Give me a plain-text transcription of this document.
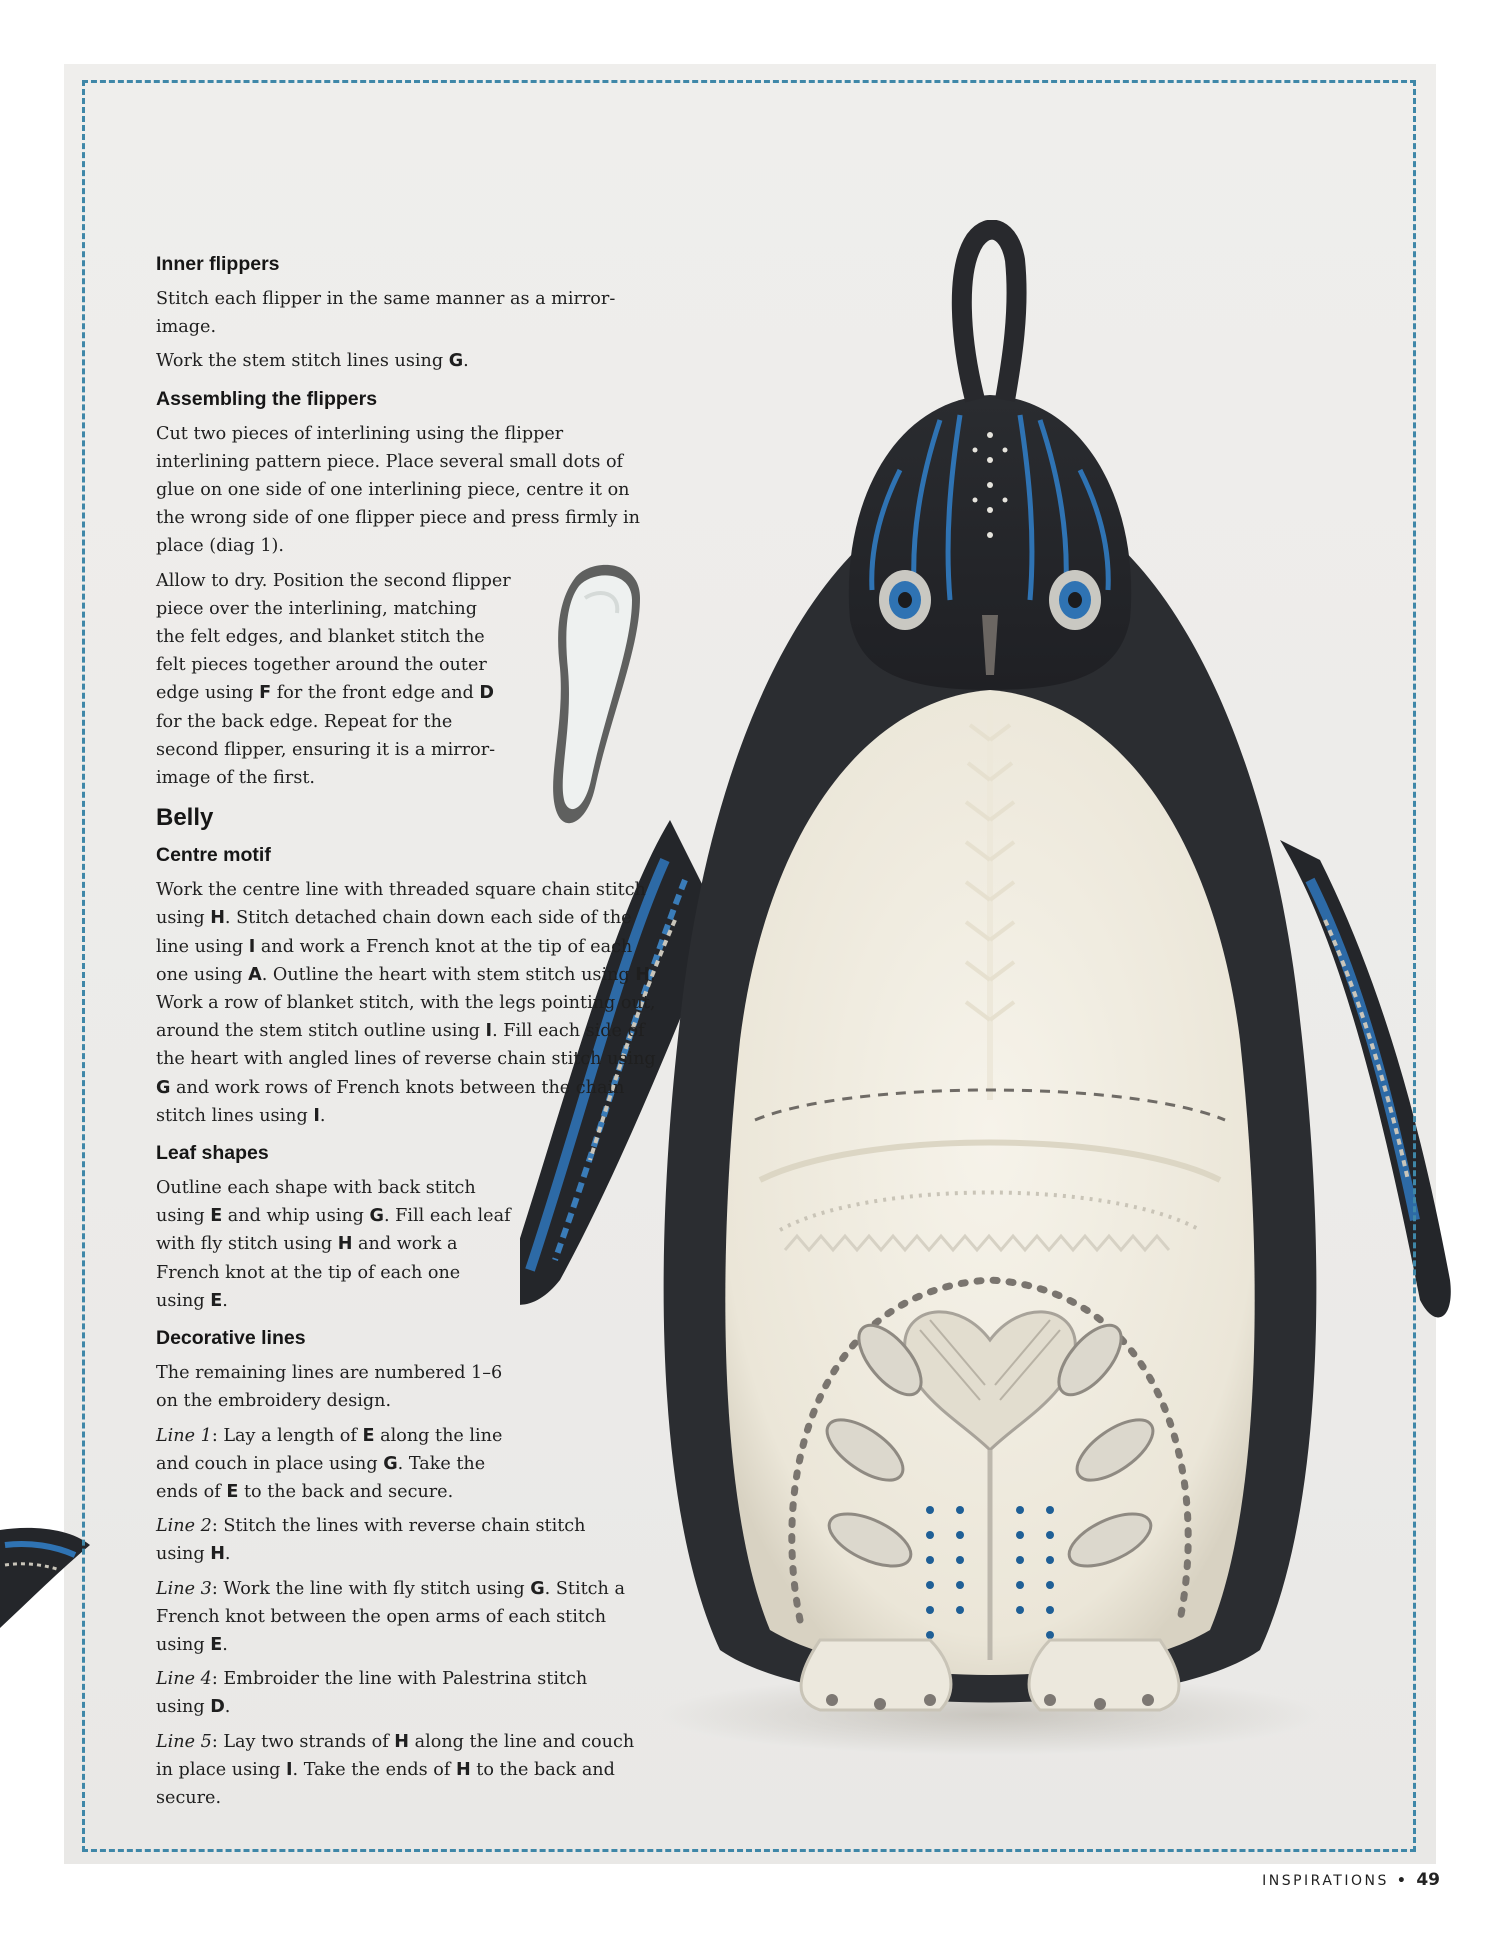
Inner flippers

Stitch each flipper in the same manner as a mirror-image.

Work the stem stitch lines using G.

Assembling the flippers

Cut two pieces of interlining using the flipper interlining pattern piece. Place several small dots of glue on one side of one interlining piece, centre it on the wrong side of one flipper piece and press firmly in place (diag 1).

Allow to dry. Position the second flipper piece over the interlining, matching the felt edges, and blanket stitch the felt pieces together around the outer edge using F for the front edge and D for the back edge. Repeat for the second flipper, ensuring it is a mirror-image of the first.

Belly
Centre motif

Work the centre line with threaded square chain stitch using H. Stitch detached chain down each side of the line using I and work a French knot at the tip of each one using A. Outline the heart with stem stitch using H. Work a row of blanket stitch, with the legs pointing out, around the stem stitch outline using I. Fill each side of the heart with angled lines of reverse chain stitch using G and work rows of French knots between the chain stitch lines using I.

Leaf shapes

Outline each shape with back stitch using E and whip using G. Fill each leaf with fly stitch using H and work a French knot at the tip of each one using E.

Decorative lines

The remaining lines are numbered 1–6 on the embroidery design.

Line 1: Lay a length of E along the line and couch in place using G. Take the ends of E to the back and secure.

Line 2: Stitch the lines with reverse chain stitch using H.

Line 3: Work the line with fly stitch using G. Stitch a French knot between the open arms of each stitch using E.

Line 4: Embroider the line with Palestrina stitch using D.

Line 5: Lay two strands of H along the line and couch in place using I. Take the ends of H to the back and secure.

INSPIRATIONS • 49
